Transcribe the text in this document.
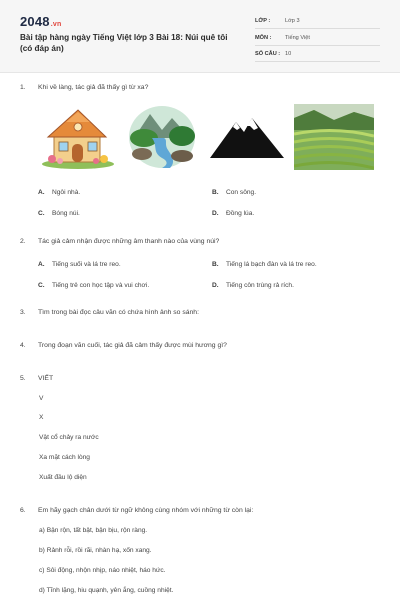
2048.vn
Bài tập hàng ngày Tiếng Việt lớp 3 Bài 18: Núi quê tôi (có đáp án)
LỚP :	Lớp 3
MÔN :	Tiếng Việt
SỐ CÂU : 10
1. Khi về làng, tác giả đã thấy gì từ xa?
A. Ngôi nhà.	B. Con sông.
C. Bóng núi.	D. Đồng lúa.
2. Tác giả cảm nhận được những âm thanh nào của vùng núi?
A. Tiếng suối và lá tre reo.	B. Tiếng lá bạch đàn và lá tre reo.
C. Tiếng trẻ con học tập và vui chơi.	D. Tiếng côn trùng rả rích.
3. Tìm trong bài đọc câu văn có chứa hình ảnh so sánh:
4. Trong đoạn văn cuối, tác giả đã cảm thấy được mùi hương gì?
5. VIẾT
V
X
Vật cổ chảy ra nước
Xa mặt cách lòng
Xuất đầu lộ diện
6. Em hãy gạch chân dưới từ ngữ không cùng nhóm với những từ còn lại:
a) Bận rộn, tất bật, bận bịu, rộn ràng.
b) Rảnh rỗi, rồi rãi, nhàn hạ, xốn xang.
c) Sôi động, nhộn nhịp, náo nhiệt, háo hức.
d) Tĩnh lặng, hiu quạnh, yên ắng, cuồng nhiệt.
